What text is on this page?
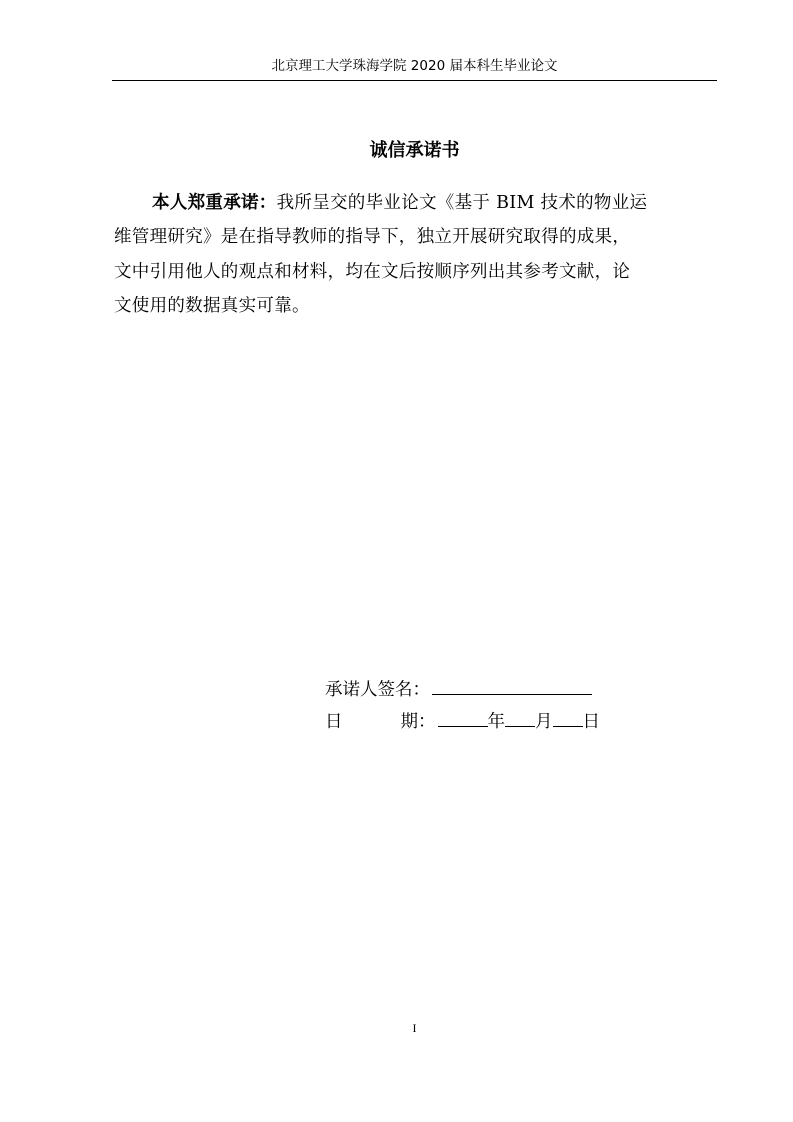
北京理工大学珠海学院 2020 届本科生毕业论文
诚信承诺书
本人郑重承诺：我所呈交的毕业论文《基于 BIM 技术的物业运
维管理研究》是在指导教师的指导下，独立开展研究取得的成果，
文中引用他人的观点和材料，均在文后按顺序列出其参考文献，论
文使用的数据真实可靠。
承诺人签名：
日	期：	年 月 日
I
